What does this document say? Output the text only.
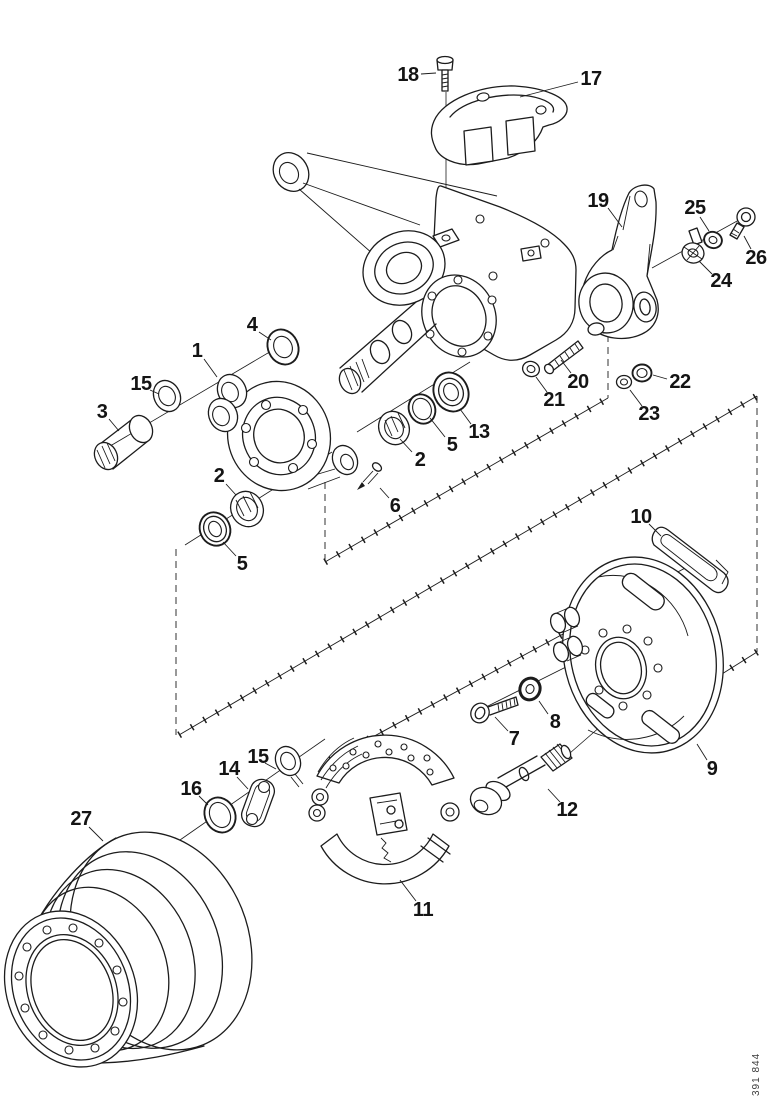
18	17
19	25
26
24
20
21
22
23
13
5
2
6
4
1
15
3
2
5
10
9
7
8
12
11
14
15
16
27
391 844
